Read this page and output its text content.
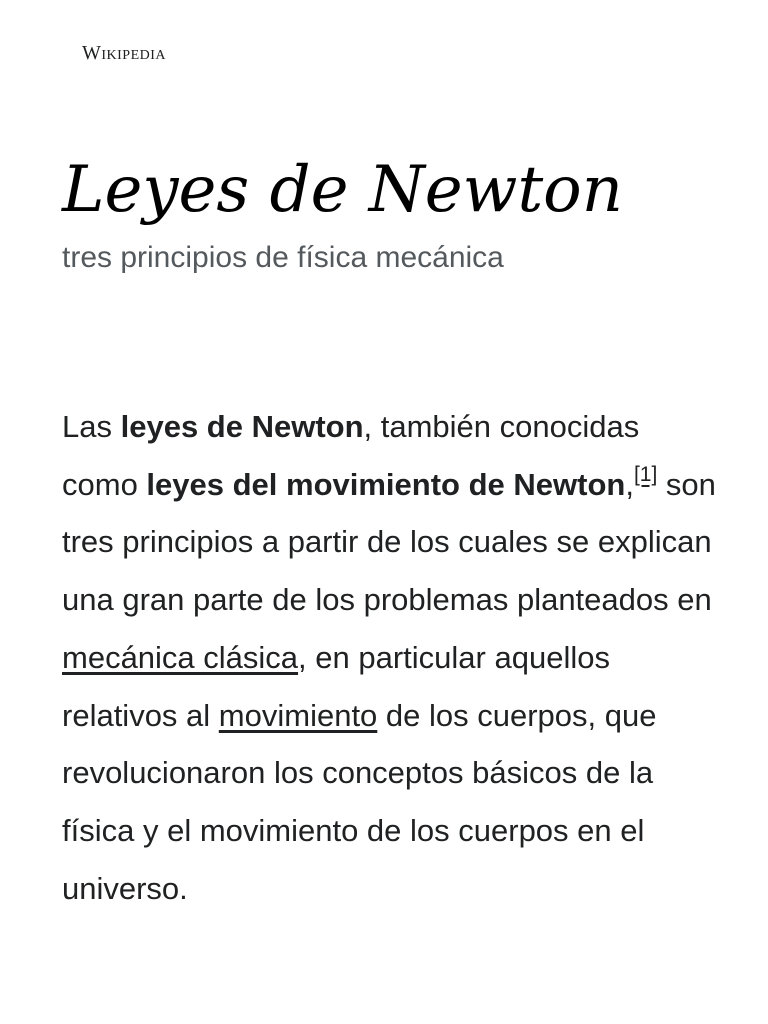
Wikipedia
Leyes de Newton
tres principios de física mecánica

Las leyes de Newton, también conocidas como leyes del movimiento de Newton,[1] son tres principios a partir de los cuales se explican una gran parte de los problemas planteados en mecánica clásica, en particular aquellos relativos al movimiento de los cuerpos, que revolucionaron los conceptos básicos de la física y el movimiento de los cuerpos en el universo.
